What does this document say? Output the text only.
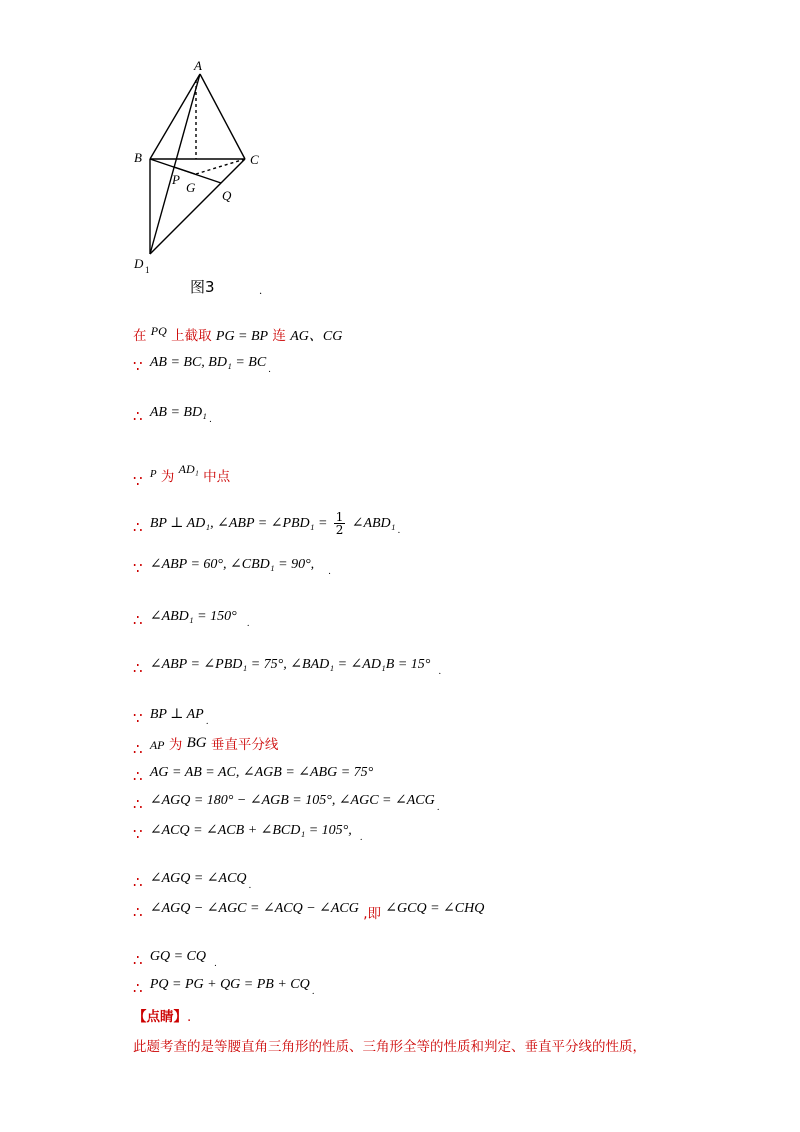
A
B	C
P
G
Q
D 1
图3	.
在 PQ 上截取 PG = BP 连 AG、CG
∵ AB = BC, BD₁ = BC $_.$
∴ AB = BD₁ $_.$
∵ $^P$ 为 AD₁ 中点
∴ BP ⊥ AD₁, ∠ABP = ∠PBD₁ = $\frac{1}{2}$ ∠ABD₁ $_.$
∵ ∠ABP = 60°, ∠CBD₁ = 90°, $_.$
∴ ∠ABD₁ = 150° $_.$
∴ ∠ABP = ∠PBD₁ = 75°, ∠BAD₁ = ∠AD₁B = 15° $_.$
∵ BP ⊥ AP $_.$
∴ AP 为 BG 垂直平分线
∴ AG = AB = AC, ∠AGB = ∠ABG = 75°
∴ ∠AGQ = 180° − ∠AGB = 105°, ∠AGC = ∠ACG $_.$
∵ ∠ACQ = ∠ACB + ∠BCD₁ = 105°, $_.$
∴ ∠AGQ = ∠ACQ $_.$
∴ ∠AGQ − ∠AGC = ∠ACQ − ∠ACG ,即 ∠GCQ = ∠CHQ
∴ GQ = CQ $_.$
∴ PQ = PG + QG = PB + CQ $_.$
【点睛】.
此题考查的是等腰直角三角形的性质、三角形全等的性质和判定、垂直平分线的性质，
